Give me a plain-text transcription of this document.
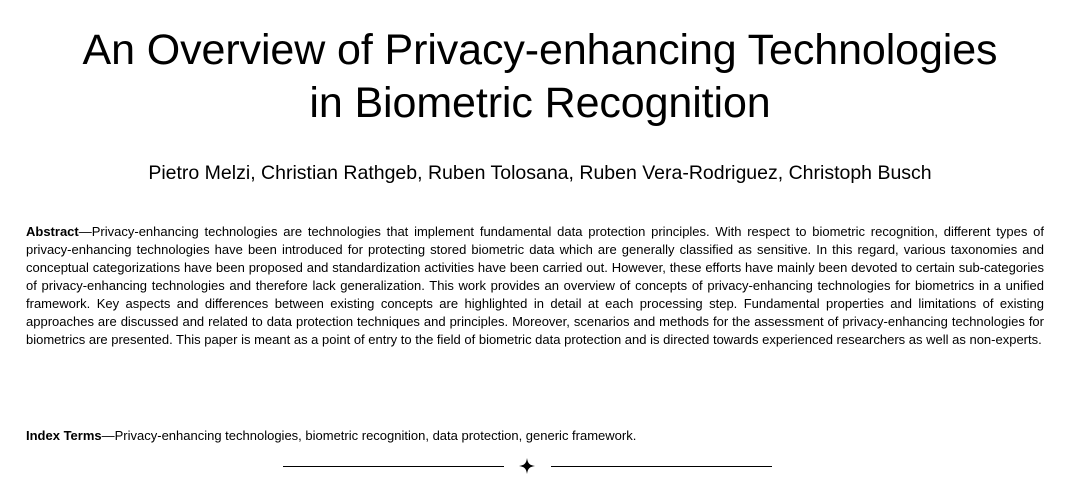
An Overview of Privacy-enhancing Technologies
in Biometric Recognition
Pietro Melzi, Christian Rathgeb, Ruben Tolosana, Ruben Vera-Rodriguez, Christoph Busch

Abstract—Privacy-enhancing technologies are technologies that implement fundamental data protection principles. With respect to biometric recognition, different types of privacy-enhancing technologies have been introduced for protecting stored biometric data which are generally classified as sensitive. In this regard, various taxonomies and conceptual categorizations have been proposed and standardization activities have been carried out. However, these efforts have mainly been devoted to certain sub-categories of privacy-enhancing technologies and therefore lack generalization. This work provides an overview of concepts of privacy-enhancing technologies for biometrics in a unified framework. Key aspects and differences between existing concepts are highlighted in detail at each processing step. Fundamental properties and limitations of existing approaches are discussed and related to data protection techniques and principles. Moreover, scenarios and methods for the assessment of privacy-enhancing technologies for biometrics are presented. This paper is meant as a point of entry to the field of biometric data protection and is directed towards experienced researchers as well as non-experts.

Index Terms—Privacy-enhancing technologies, biometric recognition, data protection, generic framework.
